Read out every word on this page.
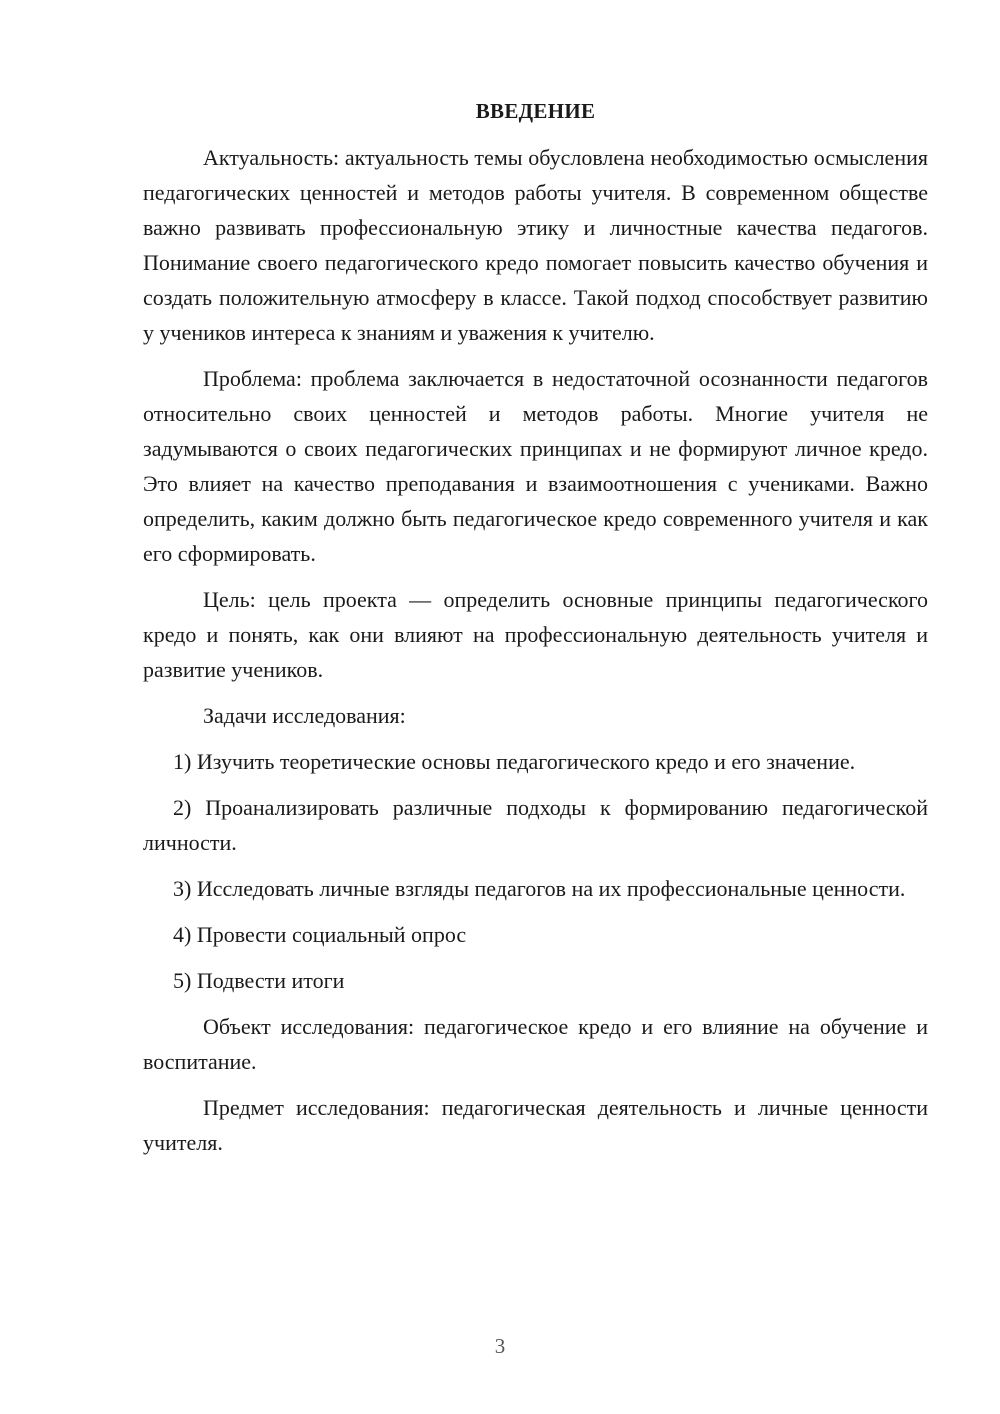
ВВЕДЕНИЕ

Актуальность: актуальность темы обусловлена необходимостью осмысления педагогических ценностей и методов работы учителя. В современном обществе важно развивать профессиональную этику и личностные качества педагогов. Понимание своего педагогического кредо помогает повысить качество обучения и создать положительную атмосферу в классе. Такой подход способствует развитию у учеников интереса к знаниям и уважения к учителю.

Проблема: проблема заключается в недостаточной осознанности педагогов относительно своих ценностей и методов работы. Многие учителя не задумываются о своих педагогических принципах и не формируют личное кредо. Это влияет на качество преподавания и взаимоотношения с учениками. Важно определить, каким должно быть педагогическое кредо современного учителя и как его сформировать.

Цель: цель проекта — определить основные принципы педагогического кредо и понять, как они влияют на профессиональную деятельность учителя и развитие учеников.

Задачи исследования:

1) Изучить теоретические основы педагогического кредо и его значение.

2) Проанализировать различные подходы к формированию педагогической личности.

3) Исследовать личные взгляды педагогов на их профессиональные ценности.

4) Провести социальный опрос

5) Подвести итоги

Объект исследования: педагогическое кредо и его влияние на обучение и воспитание.

Предмет исследования: педагогическая деятельность и личные ценности учителя.

3
